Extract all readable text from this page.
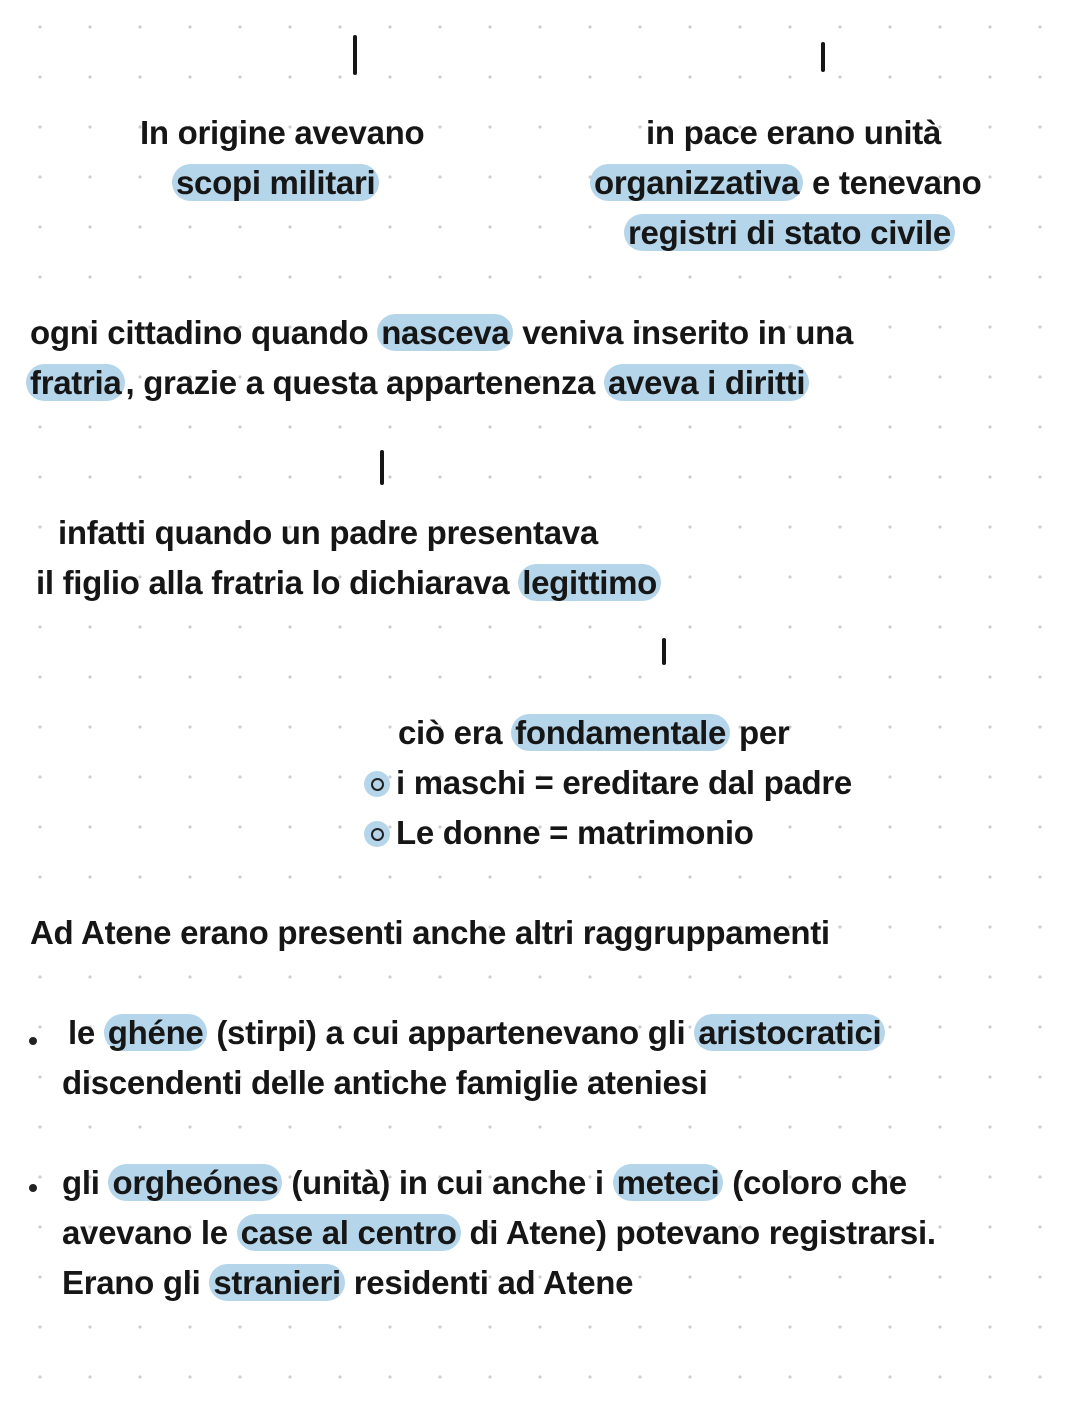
In origine avevano
scopi militari
in pace erano unità
organizzativa e tenevano
registri di stato civile
ogni cittadino quando nasceva veniva inserito in una
fratria , grazie a questa appartenenza aveva i diritti
infatti quando un padre presentava
il figlio alla fratria lo dichiarava legittimo
ciò era fondamentale per
i maschi = ereditare dal padre
Le donne = matrimonio
Ad Atene erano presenti anche altri raggruppamenti
le ghéne (stirpi) a cui appartenevano gli aristocratici
discendenti delle antiche famiglie ateniesi
gli orgheónes (unità) in cui anche i meteci (coloro che
avevano le case al centro di Atene) potevano registrarsi.
Erano gli stranieri residenti ad Atene
